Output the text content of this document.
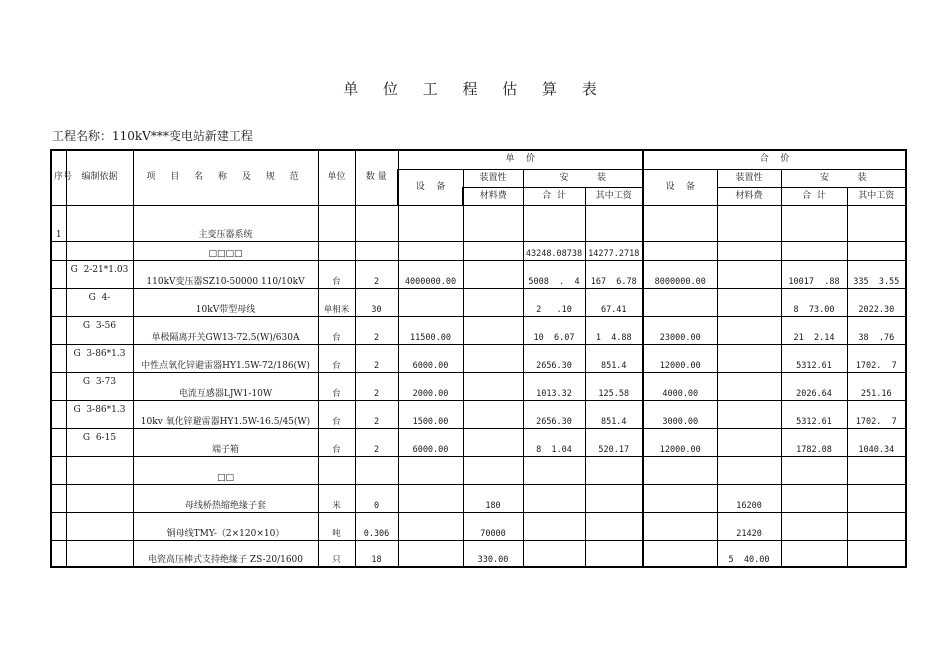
单 位 工 程 估 算 表
工程名称：110kV***变电站新建工程
序号	编制依据	项 目 名 称 及 规 范	单位	数 量	单    价				合    价			
					设    备	装置性	安          装		设    备	装置性	安          装	
						材料费	合  计	其中工资		材料费	合  计	其中工资
1		主变压器系统										
		□□□□					43248.08738	14277.2718				
	G  2-21*1.03	110kV变压器SZ10-50000 110/10kV	台	2	4000000.00		5008  .  4	167  6.78	8000000.00		10017  .88	335  3.55
	G  4-	10kV带型母线	单相米	30			2   .10	67.41			8  73.00	2022.30
	G  3-56	单极隔离开关GW13-72.5(W)/630A	台	2	11500.00		10  6.07	1  4.88	23000.00		21  2.14	38  .76
	G  3-86*1.3	中性点氧化锌避雷器HY1.5W-72/186(W)	台	2	6000.00		2656.30	851.4	12000.00		5312.61	1702.  7
	G  3-73	电流互感器LJW1-10W	台	2	2000.00		1013.32	125.58	4000.00		2026.64	251.16
	G  3-86*1.3	10kv 氧化锌避雷器HY1.5W-16.5/45(W)	台	2	1500.00		2656.30	851.4	3000.00		5312.61	1702.  7
	G  6-15	端子箱	台	2	6000.00		8  1.04	520.17	12000.00		1782.08	1040.34
		□□										
		母线桥热缩绝缘子套	米	0		180				16200		
		铜母线TMY-（2×120×10）	吨	0.306		70000				21420		
		电瓷高压棒式支持绝缘子 ZS-20/1600	只	18		330.00				5  40.00		
